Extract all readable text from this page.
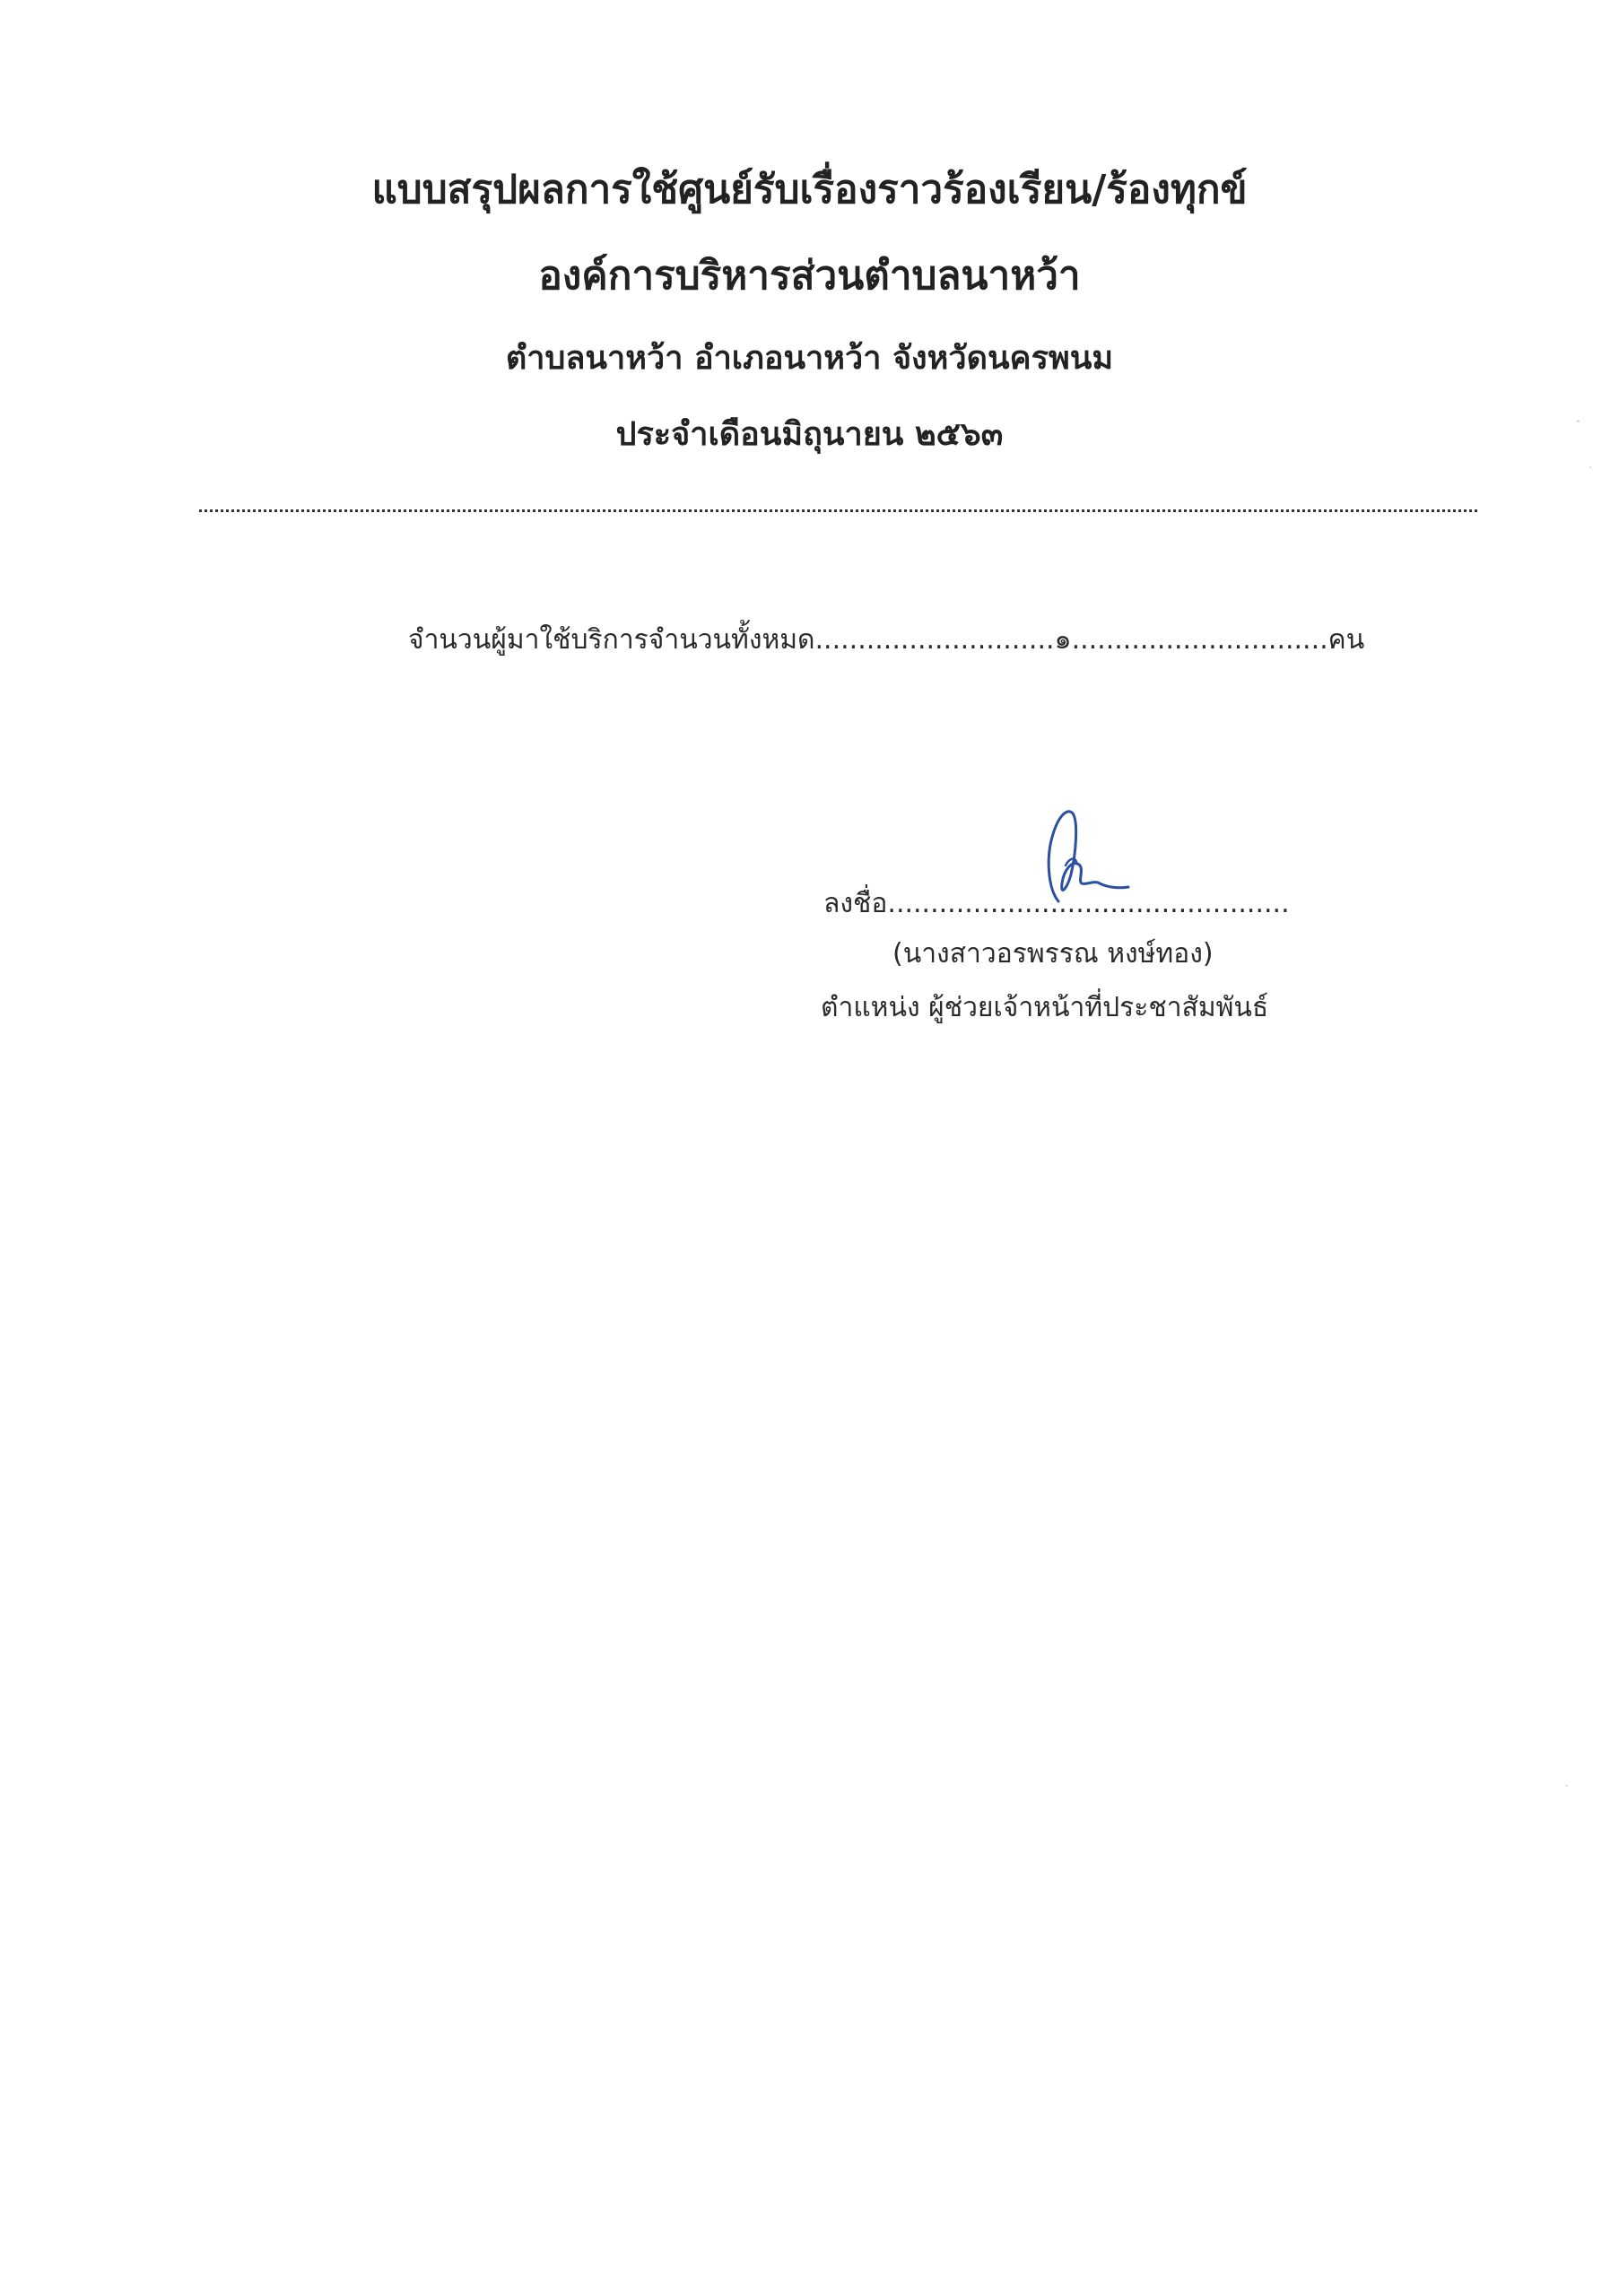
แบบสรุปผลการใช้ศูนย์รับเรื่องราวร้องเรียน/ร้องทุกข์
องค์การบริหารส่วนตำบลนาหว้า
ตำบลนาหว้า อำเภอนาหว้า จังหวัดนครพนม
ประจำเดือนมิถุนายน ๒๕๖๓
จำนวนผู้มาใช้บริการจำนวนทั้งหมด............................๑..............................คน
ลงชื่อ...............................................
(นางสาวอรพรรณ หงษ์ทอง)
ตำแหน่ง ผู้ช่วยเจ้าหน้าที่ประชาสัมพันธ์
